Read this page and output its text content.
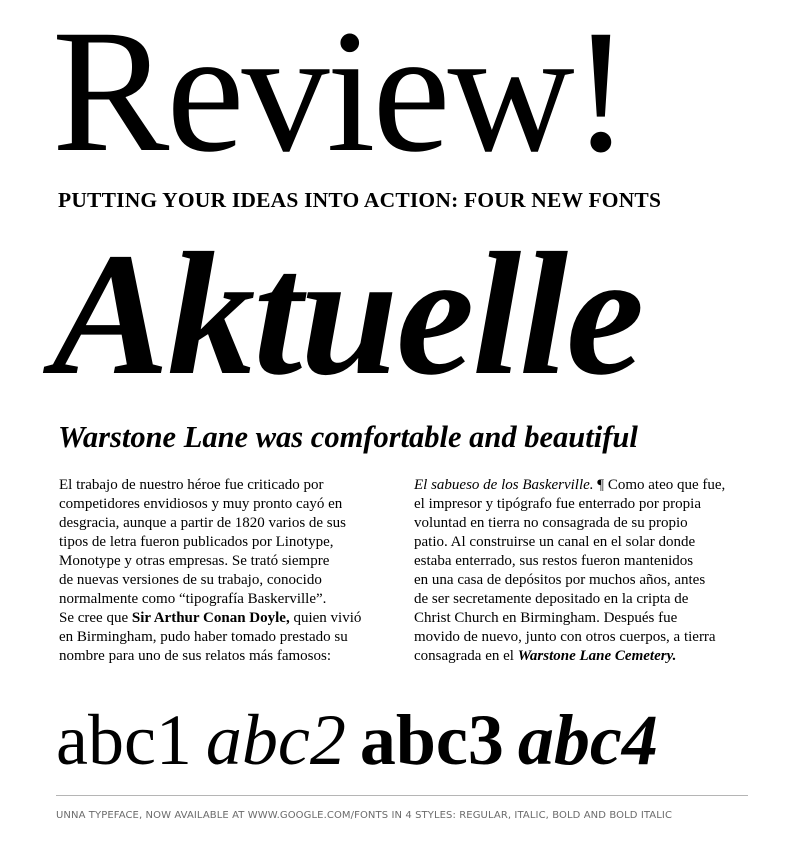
Review!
PUTTING YOUR IDEAS INTO ACTION: FOUR NEW FONTS
Aktuelle
Warstone Lane was comfortable and beautiful
El trabajo de nuestro héroe fue criticado por
competidores envidiosos y muy pronto cayó en
desgracia, aunque a partir de 1820 varios de sus
tipos de letra fueron publicados por Linotype,
Monotype y otras empresas. Se trató siempre
de nuevas versiones de su trabajo, conocido
normalmente como “tipografía Baskerville”.
Se cree que Sir Arthur Conan Doyle, quien vivió
en Birmingham, pudo haber tomado prestado su
nombre para uno de sus relatos más famosos:
El sabueso de los Baskerville. ¶ Como ateo que fue,
el impresor y tipógrafo fue enterrado por propia
voluntad en tierra no consagrada de su propio
patio. Al construirse un canal en el solar donde
estaba enterrado, sus restos fueron mantenidos
en una casa de depósitos por muchos años, antes
de ser secretamente depositado en la cripta de
Christ Church en Birmingham. Después fue
movido de nuevo, junto con otros cuerpos, a tierra
consagrada en el Warstone Lane Cemetery.
abc1 abc2 abc3 abc4
UNNA TYPEFACE, NOW AVAILABLE AT WWW.GOOGLE.COM/FONTS IN 4 STYLES: REGULAR, ITALIC, BOLD AND BOLD ITALIC
